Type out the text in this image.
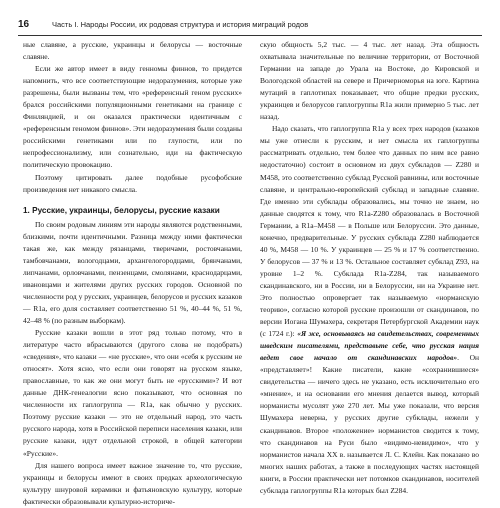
16	Часть I. Народы России, их родовая структура и история миграций родов

ные славяне, а русские, украинцы и белорусы — восточные славяне.

Если же автор имеет в виду генномы финнов, то придется напомнить, что все соответствующие недоразумения, которые уже разрешены, были вызваны тем, что «референсный геном русских» брался российскими популяционными генетиками на границе с Финляндией, и он оказался практически идентичным с «референсным геномом финнов». Эти недоразумения были созданы российскими генетиками или по глупости, или по непрофессионализму, или сознательно, иди на фактическую политическую провокацию.

Поэтому цитировать далее подобные русофобские произведения нет никакого смысла.

1. Русские, украинцы, белорусы, русские казаки

По своим родовым линиям эти народы являются родственными, близкими, почти идентичными. Разница между ними фактически такая же, как между рязанцами, тверичами, ростовчанами, тамбовчанами, вологодцами, архангелогородцами, брянчанами, липчанами, орловчанами, пензенцами, смолянами, краснодарцами, ивановцами и жителями других русских городов. Основной по численности род у русских, украинцев, белорусов и русских казаков — R1a, его доля составляет соответственно 51 %, 40–44 %, 51 %, 42–48 % (по разным выборкам).

Русские казаки вошли в этот ряд только потому, что в литературе часто вбрасываются (другого слова не подобрать) «сведения», что казаки — «не русские», что они «себя к русским не относят». Хотя ясно, что если они говорят на русском языке, православные, то как же они могут быть не «русскими»? И вот данные ДНК-генеалогии ясно показывают, что основная по численности их гаплогруппа — R1a, как обычно у русских. Поэтому русские казаки — это не отдельный народ, это часть русского народа, хотя в Российской переписи населения казаки, или русские казаки, идут отдельной строкой, в общей категории «Русские».

Для нашего вопроса имеет важное значение то, что русские, украинцы и белорусы имеют в своих предках археологическую культуру шнуровой керамики и фатьяновскую культуру, которые фактически образовывали культурно-историче-

скую общность 5,2 тыс. — 4 тыс. лет назад. Эта общность охватывала значительные по величине территории, от Восточной Германии на западе до Урала на Востоке, до Кировской и Вологодской областей на севере и Причерноморья на юге. Картина мутаций в гаплотипах показывает, что общие предки русских, украинцев и белорусов гаплогруппы R1a жили примерно 5 тыс. лет назад.

Надо сказать, что гаплогруппа R1a у всех трех народов (казаков мы уже отнесли к русским, и нет смысла их гаплогруппы рассматривать отдельно, тем более что данных по ним все равно недостаточно) состоит в основном из двух субкладов — Z280 и M458, это соответственно субклад Русской равнины, или восточные славяне, и центрально-европейский субклад и западные славяне. Где именно эти субклады образовались, мы точно не знаем, но данные сводятся к тому, что R1a-Z280 образовалась в Восточной Германии, а R1a–M458 — в Польше или Белоруссии. Это данные, конечно, предварительные. У русских субклада Z280 наблюдается 40 %, M458 — 10 %. У украинцев — 25 % и 17 % соответственно. У белорусов — 37 % и 13 %. Остальное составляет субклад Z93, на уровне 1–2 %. Субклада R1a-Z284, так называемого скандинавского, ни в России, ни в Белоруссии, ни на Украине нет. Это полностью опровергает так называемую «норманскую теорию», согласно которой русские произошли от скандинавов, по версии Иогана Шумахера, секретаря Петербургской Академии наук (с 1724 г.): «Я же, основываясь на свидетельствах, современных шведским писателями, представьте себе, что русская нация ведет свое начало от скандинавских народов». Он «представляет»! Какие писатели, какие «сохранившиеся» свидетельства — ничего здесь не указано, есть исключительно его «мнение», и на основании его мнения делается вывод, который норманисты мусолят уже 270 лет. Мы уже показали, что версия Шумахера неверна, у русских другие субклады, нежели у скандинавов. Второе «положение» норманистов сводится к тому, что скандинавов на Руси было «видимо-невидимо», что у норманистов начала XX в. называется Л. С. Клейн. Как показано во многих наших работах, а также в последующих частях настоящей книги, в России практически нет потомков скандинавов, носителей субклада гаплогруппы R1a которых был Z284.
